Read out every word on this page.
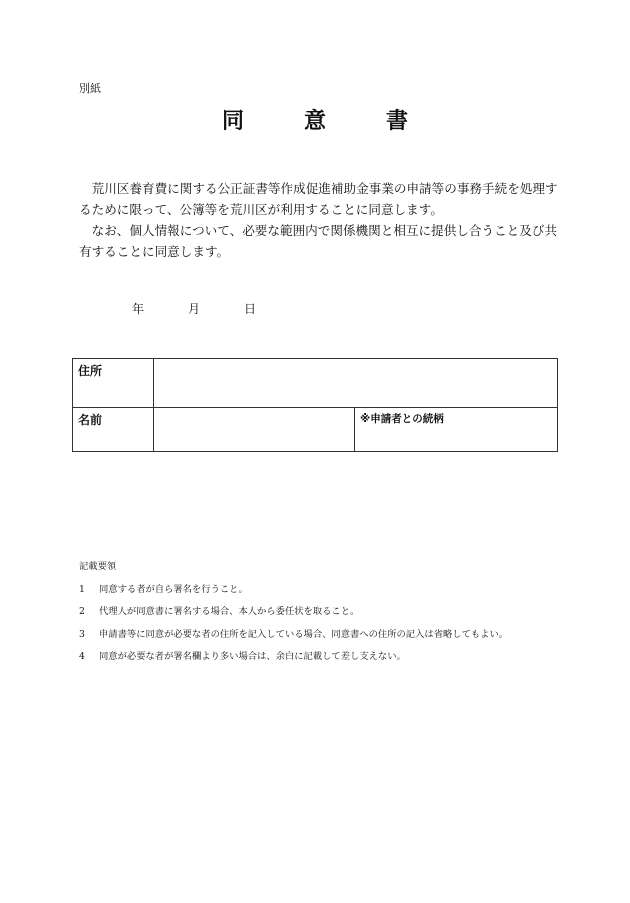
別紙
同意書

荒川区養育費に関する公正証書等作成促進補助金事業の申請等の事務手続を処理するために限って、公簿等を荒川区が利用することに同意します。

なお、個人情報について、必要な範囲内で関係機関と相互に提供し合うこと及び共有することに同意します。

年	月	日
住所		
名前		※申請者との続柄
記載要領
1 同意する者が自ら署名を行うこと。
2 代理人が同意書に署名する場合、本人から委任状を取ること。
3 申請書等に同意が必要な者の住所を記入している場合、同意書への住所の記入は省略してもよい。
4 同意が必要な者が署名欄より多い場合は、余白に記載して差し支えない。
